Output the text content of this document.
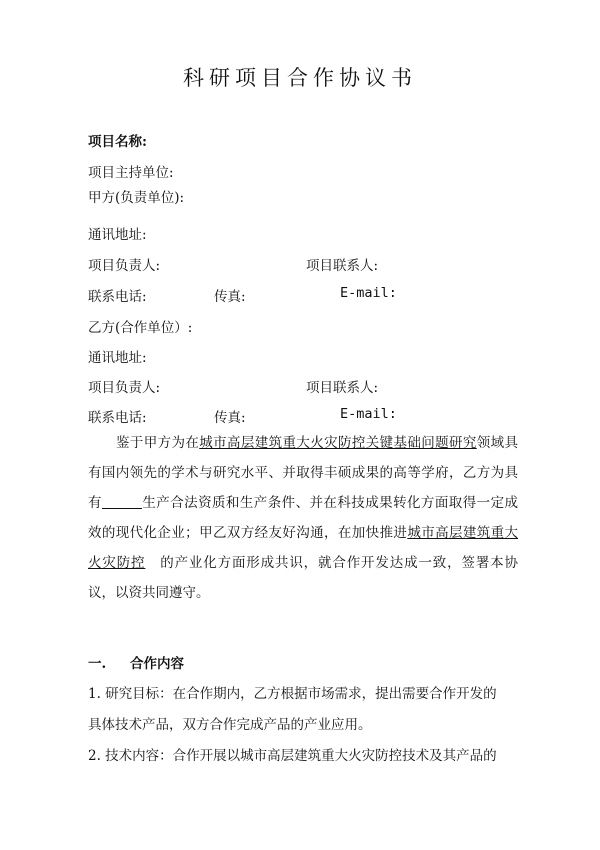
科研项目合作协议书
项目名称:
项目主持单位:
甲方(负责单位):
通讯地址:
项目负责人:	项目联系人:
联系电话:	传真:	E-mail:
乙方(合作单位）:
通讯地址:
项目负责人:	项目联系人:
联系电话:	传真:	E-mail:
鉴于甲方为在城市高层建筑重大火灾防控关键基础问题研究领域具有国内领先的学术与研究水平、并取得丰硕成果的高等学府，乙方为具有	生产合法资质和生产条件、并在科技成果转化方面取得一定成效的现代化企业；甲乙双方经友好沟通，在加快推进城市高层建筑重大火灾防控 的产业化方面形成共识，就合作开发达成一致，签署本协议，以资共同遵守。
一. 合作内容
1. 研究目标：在合作期内，乙方根据市场需求，提出需要合作开发的
具体技术产品，双方合作完成产品的产业应用。
2. 技术内容：合作开展以城市高层建筑重大火灾防控技术及其产品的
